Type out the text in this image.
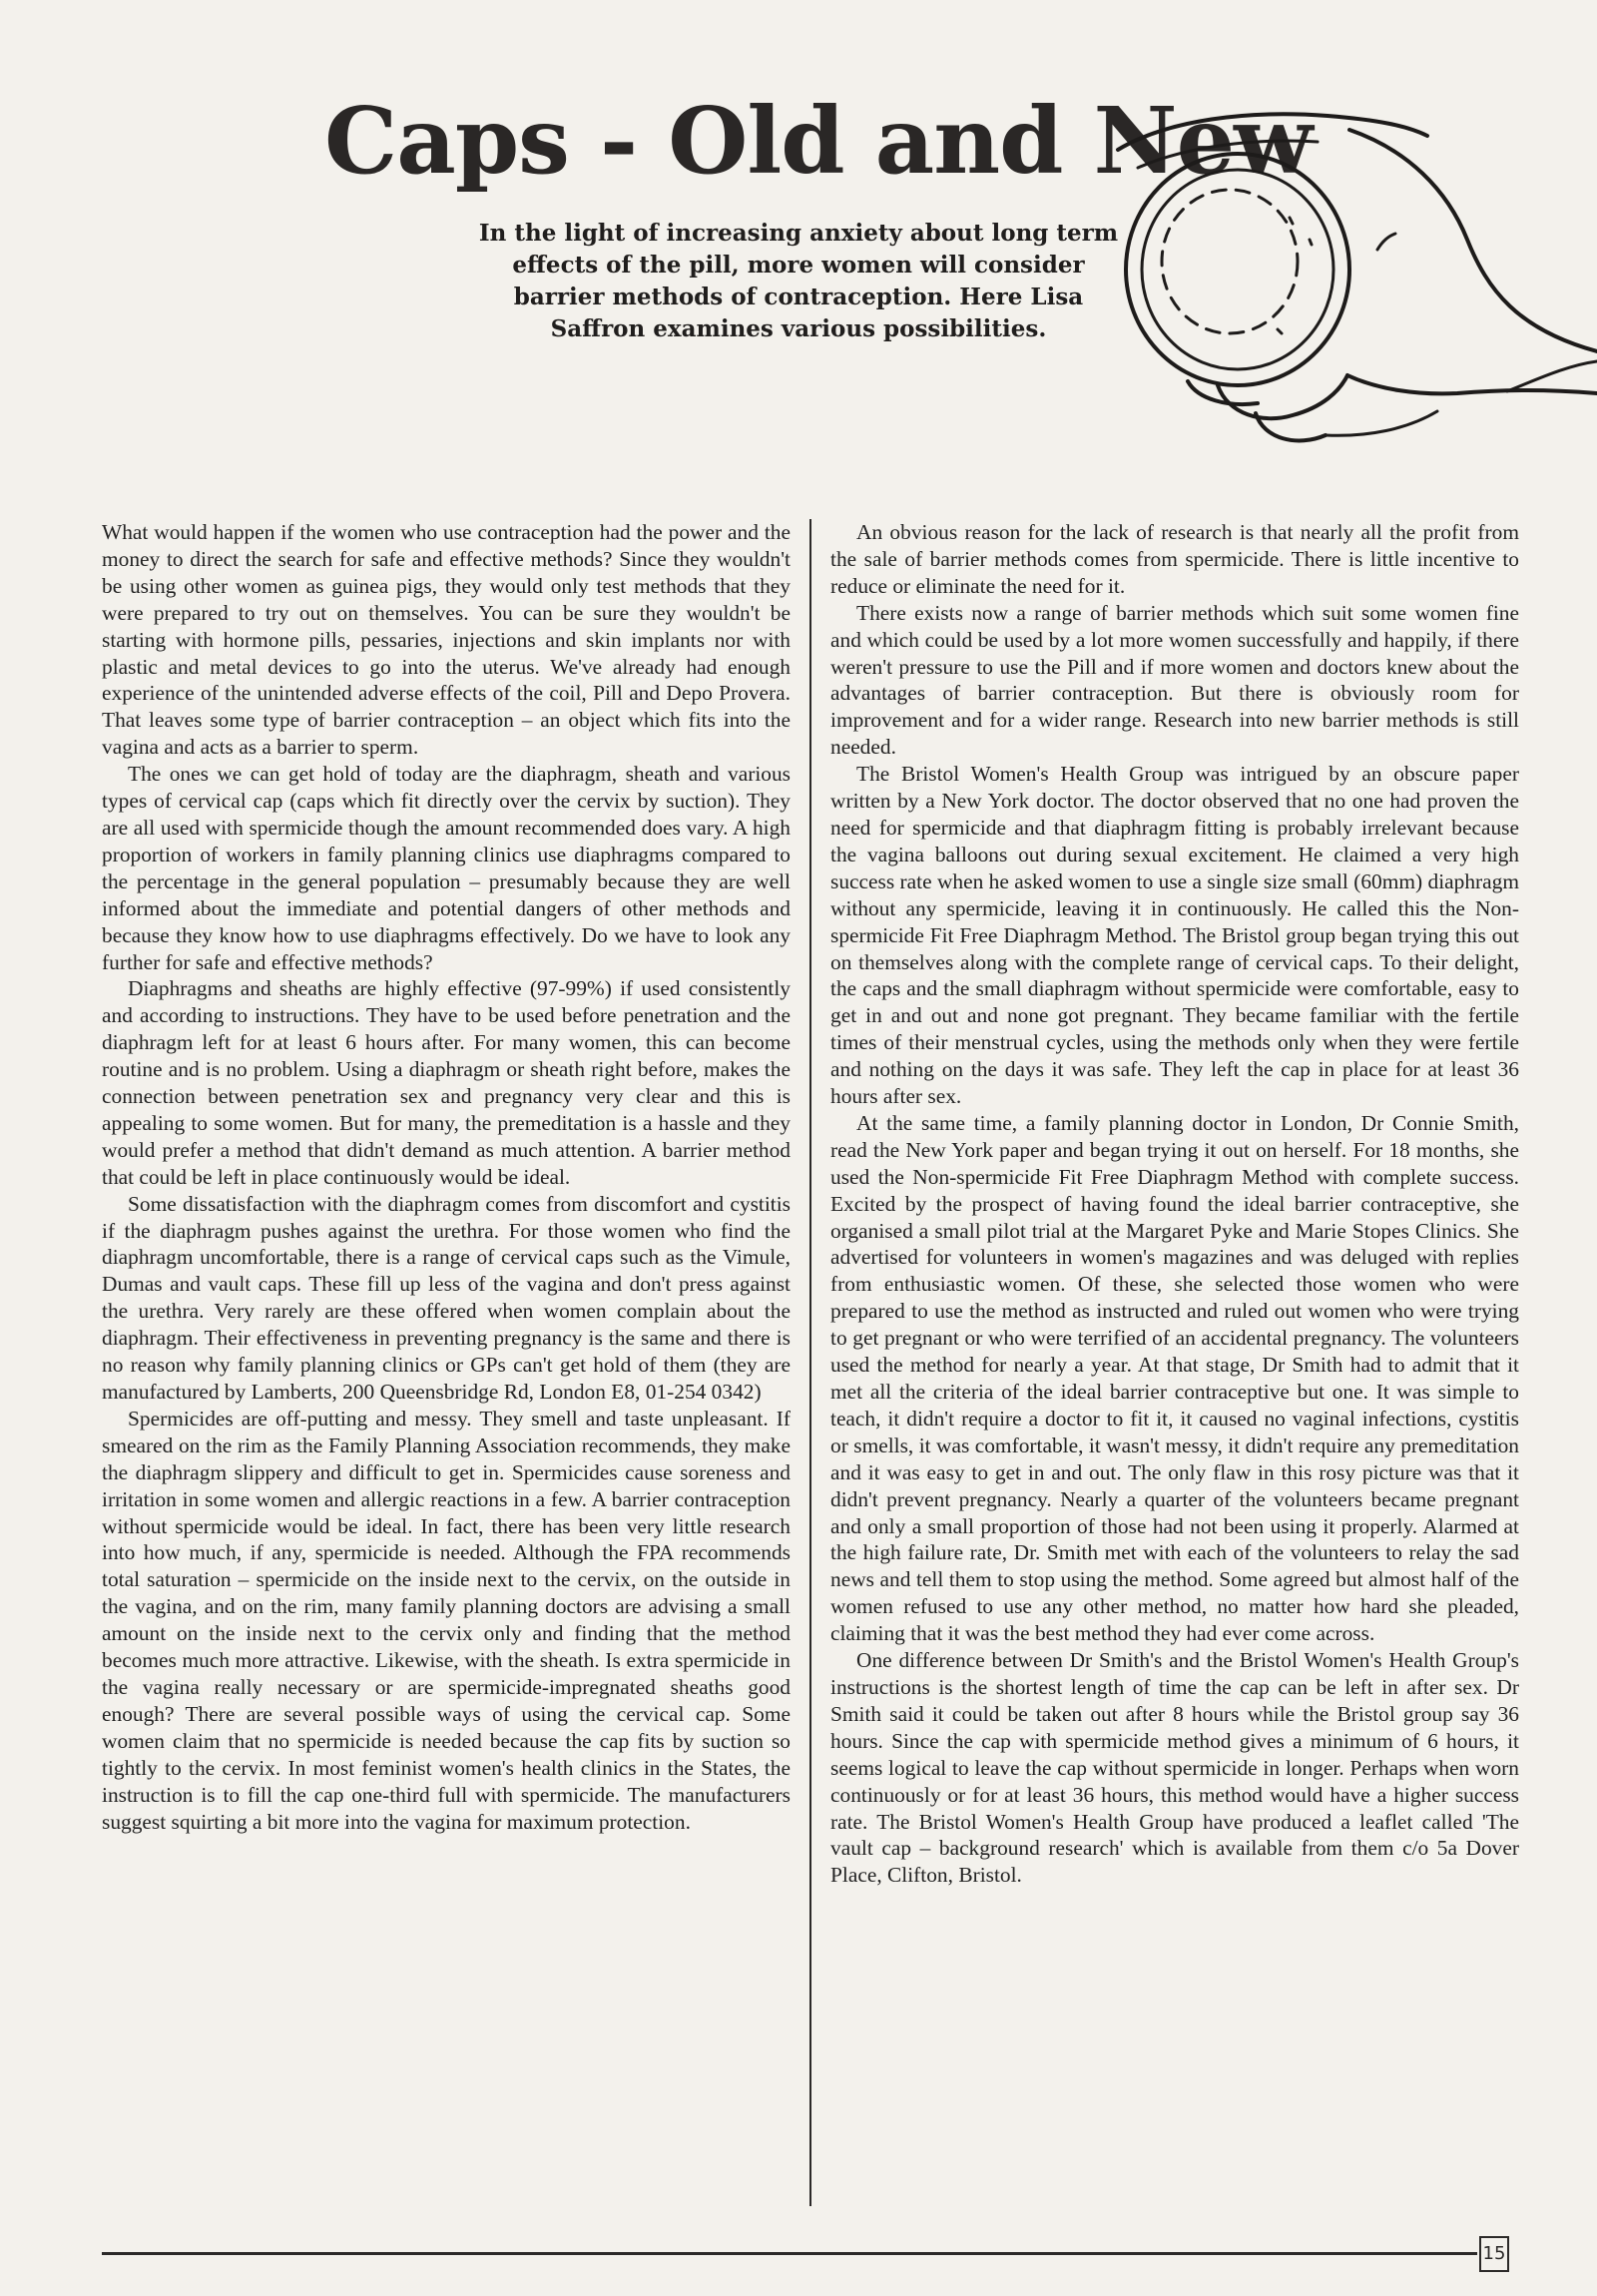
Caps - Old and New

In the light of increasing anxiety about long term effects of the pill, more women will consider barrier methods of contraception. Here Lisa Saffron examines various possibilities.

What would happen if the women who use contraception had the power and the money to direct the search for safe and effective methods? Since they wouldn't be using other women as guinea pigs, they would only test methods that they were prepared to try out on themselves. You can be sure they wouldn't be starting with hormone pills, pessaries, injections and skin implants nor with plastic and metal devices to go into the uterus. We've already had enough experience of the unintended adverse effects of the coil, Pill and Depo Provera. That leaves some type of barrier contraception – an object which fits into the vagina and acts as a barrier to sperm.

The ones we can get hold of today are the diaphragm, sheath and various types of cervical cap (caps which fit directly over the cervix by suction). They are all used with spermicide though the amount recommended does vary. A high proportion of workers in family planning clinics use diaphragms compared to the percentage in the general population – presumably because they are well informed about the immediate and potential dangers of other methods and because they know how to use diaphragms effectively. Do we have to look any further for safe and effective methods?

Diaphragms and sheaths are highly effective (97-99%) if used consistently and according to instructions. They have to be used before penetration and the diaphragm left for at least 6 hours after. For many women, this can become routine and is no problem. Using a diaphragm or sheath right before, makes the connection between penetration sex and pregnancy very clear and this is appealing to some women. But for many, the premeditation is a hassle and they would prefer a method that didn't demand as much attention. A barrier method that could be left in place continuously would be ideal.

Some dissatisfaction with the diaphragm comes from discomfort and cystitis if the diaphragm pushes against the urethra. For those women who find the diaphragm uncomfortable, there is a range of cervical caps such as the Vimule, Dumas and vault caps. These fill up less of the vagina and don't press against the urethra. Very rarely are these offered when women complain about the diaphragm. Their effectiveness in preventing pregnancy is the same and there is no reason why family planning clinics or GPs can't get hold of them (they are manufactured by Lamberts, 200 Queensbridge Rd, London E8, 01-254 0342)

Spermicides are off-putting and messy. They smell and taste unpleasant. If smeared on the rim as the Family Planning Association recommends, they make the diaphragm slippery and difficult to get in. Spermicides cause soreness and irritation in some women and allergic reactions in a few. A barrier contraception without spermicide would be ideal. In fact, there has been very little research into how much, if any, spermicide is needed. Although the FPA recommends total saturation – spermicide on the inside next to the cervix, on the outside in the vagina, and on the rim, many family planning doctors are advising a small amount on the inside next to the cervix only and finding that the method becomes much more attractive. Likewise, with the sheath. Is extra spermicide in the vagina really necessary or are spermicide-impregnated sheaths good enough? There are several possible ways of using the cervical cap. Some women claim that no spermicide is needed because the cap fits by suction so tightly to the cervix. In most feminist women's health clinics in the States, the instruction is to fill the cap one-third full with spermicide. The manufacturers suggest squirting a bit more into the vagina for maximum protection.

An obvious reason for the lack of research is that nearly all the profit from the sale of barrier methods comes from spermicide. There is little incentive to reduce or eliminate the need for it.

There exists now a range of barrier methods which suit some women fine and which could be used by a lot more women successfully and happily, if there weren't pressure to use the Pill and if more women and doctors knew about the advantages of barrier contraception. But there is obviously room for improvement and for a wider range. Research into new barrier methods is still needed.

The Bristol Women's Health Group was intrigued by an obscure paper written by a New York doctor. The doctor observed that no one had proven the need for spermicide and that diaphragm fitting is probably irrelevant because the vagina balloons out during sexual excitement. He claimed a very high success rate when he asked women to use a single size small (60mm) diaphragm without any spermicide, leaving it in continuously. He called this the Non-spermicide Fit Free Diaphragm Method. The Bristol group began trying this out on themselves along with the complete range of cervical caps. To their delight, the caps and the small diaphragm without spermicide were comfortable, easy to get in and out and none got pregnant. They became familiar with the fertile times of their menstrual cycles, using the methods only when they were fertile and nothing on the days it was safe. They left the cap in place for at least 36 hours after sex.

At the same time, a family planning doctor in London, Dr Connie Smith, read the New York paper and began trying it out on herself. For 18 months, she used the Non-spermicide Fit Free Diaphragm Method with complete success. Excited by the prospect of having found the ideal barrier contraceptive, she organised a small pilot trial at the Margaret Pyke and Marie Stopes Clinics. She advertised for volunteers in women's magazines and was deluged with replies from enthusiastic women. Of these, she selected those women who were prepared to use the method as instructed and ruled out women who were trying to get pregnant or who were terrified of an accidental pregnancy. The volunteers used the method for nearly a year. At that stage, Dr Smith had to admit that it met all the criteria of the ideal barrier contraceptive but one. It was simple to teach, it didn't require a doctor to fit it, it caused no vaginal infections, cystitis or smells, it was comfortable, it wasn't messy, it didn't require any premeditation and it was easy to get in and out. The only flaw in this rosy picture was that it didn't prevent pregnancy. Nearly a quarter of the volunteers became pregnant and only a small proportion of those had not been using it properly. Alarmed at the high failure rate, Dr. Smith met with each of the volunteers to relay the sad news and tell them to stop using the method. Some agreed but almost half of the women refused to use any other method, no matter how hard she pleaded, claiming that it was the best method they had ever come across.

One difference between Dr Smith's and the Bristol Women's Health Group's instructions is the shortest length of time the cap can be left in after sex. Dr Smith said it could be taken out after 8 hours while the Bristol group say 36 hours. Since the cap with spermicide method gives a minimum of 6 hours, it seems logical to leave the cap without spermicide in longer. Perhaps when worn continuously or for at least 36 hours, this method would have a higher success rate. The Bristol Women's Health Group have produced a leaflet called 'The vault cap – background research' which is available from them c/o 5a Dover Place, Clifton, Bristol.

15
